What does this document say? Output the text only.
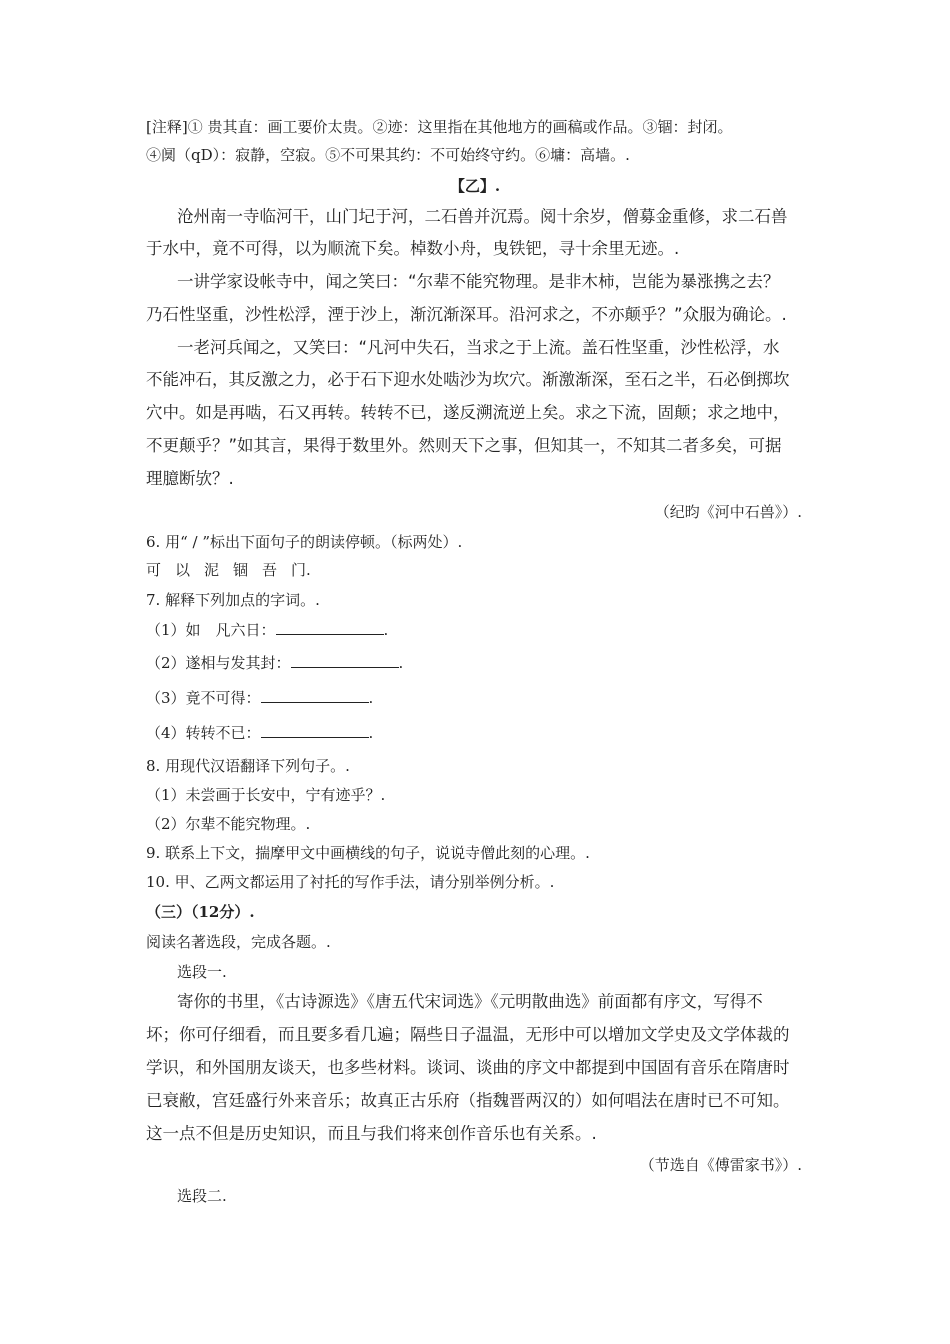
[注释]① 贵其直：画工要价太贵。②迹：这里指在其他地方的画稿或作品。③锢：封闭。
④阒（qD）：寂静，空寂。⑤不可果其约：不可始终守约。⑥墉：高墙。.
【乙】.
沧州南一寺临河干，山门圮于河，二石兽并沉焉。阅十余岁，僧募金重修，求二石兽
于水中，竟不可得，以为顺流下矣。棹数小舟，曳铁钯，寻十余里无迹。.
一讲学家设帐寺中，闻之笑曰：“尔辈不能究物理。是非木柿，岂能为暴涨携之去？
乃石性坚重，沙性松浮，湮于沙上，渐沉渐深耳。沿河求之，不亦颠乎？”众服为确论。.
一老河兵闻之，又笑曰：“凡河中失石，当求之于上流。盖石性坚重，沙性松浮，水
不能冲石，其反激之力，必于石下迎水处啮沙为坎穴。渐激渐深，至石之半，石必倒掷坎
穴中。如是再啮，石又再转。转转不已，遂反溯流逆上矣。求之下流，固颠；求之地中，
不更颠乎？”如其言，果得于数里外。然则天下之事，但知其一，不知其二者多矣，可据
理臆断欤？.
（纪昀《河中石兽》）.
6. 用“ / ”标出下面句子的朗读停顿。（标两处）.
可 以 泥 锢 吾 门.
7. 解释下列加点的字词。.
（1）如　凡六日：	.
（2）遂相与发其封：	.
（3）竟不可得：	.
（4）转转不已：	.
8. 用现代汉语翻译下列句子。.
（1）未尝画于长安中，宁有迹乎？.
（2）尔辈不能究物理。.
9. 联系上下文，揣摩甲文中画横线的句子，说说寺僧此刻的心理。.
10. 甲、乙两文都运用了衬托的写作手法，请分别举例分析。.
（三）（12分）.
阅读名著选段，完成各题。.
选段一.
寄你的书里，《古诗源选》《唐五代宋词选》《元明散曲选》前面都有序文，写得不
坏；你可仔细看，而且要多看几遍；隔些日子温温，无形中可以增加文学史及文学体裁的
学识，和外国朋友谈天，也多些材料。谈词、谈曲的序文中都提到中国固有音乐在隋唐时
已衰敝，宫廷盛行外来音乐；故真正古乐府（指魏晋两汉的）如何唱法在唐时已不可知。
这一点不但是历史知识，而且与我们将来创作音乐也有关系。.
（节选自《傅雷家书》）.
选段二.
